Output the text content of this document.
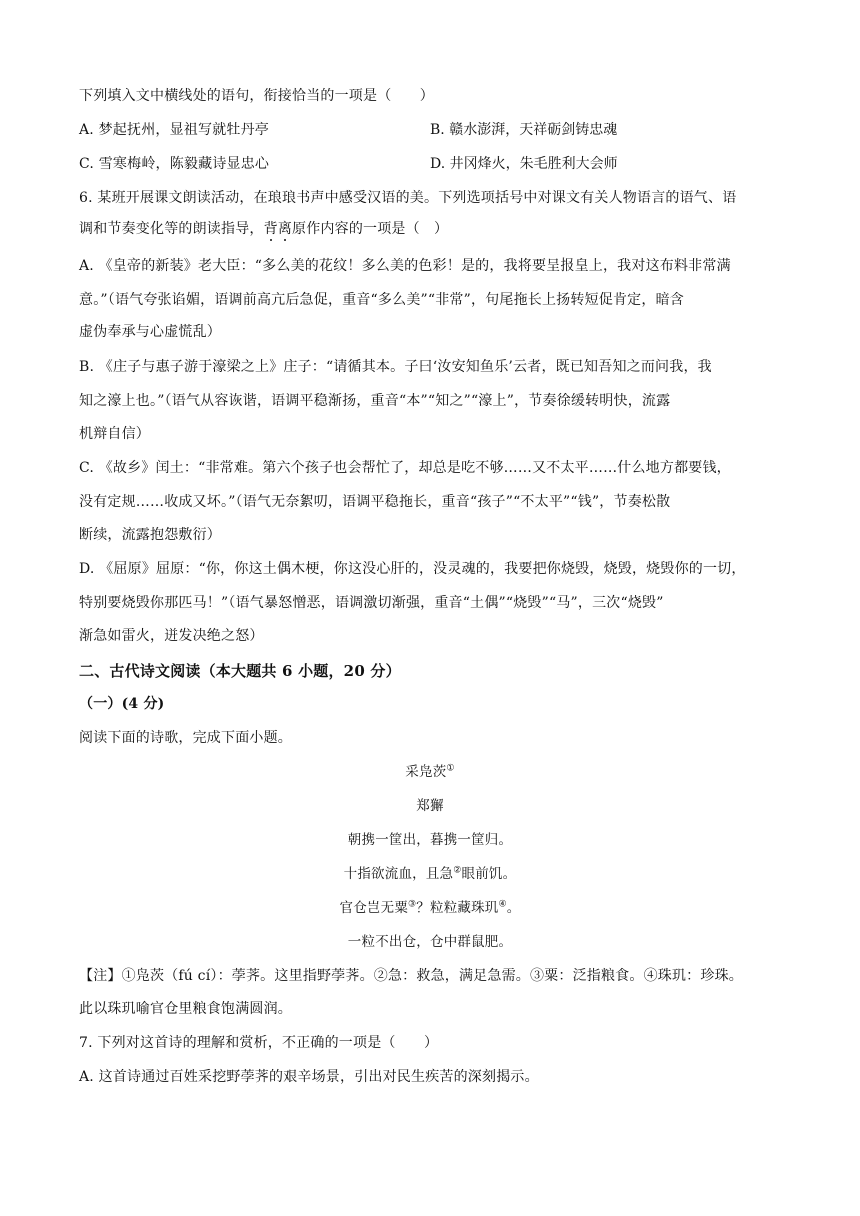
下列填入文中横线处的语句，衔接恰当的一项是（　　）
A. 梦起抚州，显祖写就牡丹亭	B. 赣水澎湃，天祥砺剑铸忠魂
C. 雪寒梅岭，陈毅藏诗显忠心	D. 井冈烽火，朱毛胜利大会师
6. 某班开展课文朗读活动，在琅琅书声中感受汉语的美。下列选项括号中对课文有关人物语言的语气、语
调和节奏变化等的朗读指导，背离原作内容的一项是（　）
A. 《皇帝的新装》老大臣：“多么美的花纹！多么美的色彩！是的，我将要呈报皇上，我对这布料非常满
意。”（语气夸张谄媚，语调前高亢后急促，重音“多么美”“非常”，句尾拖长上扬转短促肯定，暗含
虚伪奉承与心虚慌乱）
B. 《庄子与惠子游于濠梁之上》庄子：“请循其本。子曰‘汝安知鱼乐’云者，既已知吾知之而问我，我
知之濠上也。”（语气从容诙谐，语调平稳渐扬，重音“本”“知之”“濠上”，节奏徐缓转明快，流露
机辩自信）
C. 《故乡》闰土：“非常难。第六个孩子也会帮忙了，却总是吃不够……又不太平……什么地方都要钱，
没有定规……收成又坏。”（语气无奈絮叨，语调平稳拖长，重音“孩子”“不太平”“钱”，节奏松散
断续，流露抱怨敷衍）
D. 《屈原》屈原：“你，你这土偶木梗，你这没心肝的，没灵魂的，我要把你烧毁，烧毁，烧毁你的一切，
特别要烧毁你那匹马！”（语气暴怒憎恶，语调激切渐强，重音“土偶”“烧毁”“马”，三次“烧毁”
渐急如雷火，迸发决绝之怒）
二、古代诗文阅读（本大题共 6 小题，20 分）
（一）(4 分)
阅读下面的诗歌，完成下面小题。
采凫茨①
郑獬
朝携一筐出，暮携一筐归。
十指欲流血，且急②眼前饥。
官仓岂无粟③？粒粒藏珠玑④。
一粒不出仓，仓中群鼠肥。
【注】①凫茨（fú cí）：荸荠。这里指野荸荠。②急：救急，满足急需。③粟：泛指粮食。④珠玑：珍珠。
此以珠玑喻官仓里粮食饱满圆润。
7. 下列对这首诗的理解和赏析，不正确的一项是（　　）
A. 这首诗通过百姓采挖野荸荠的艰辛场景，引出对民生疾苦的深刻揭示。
